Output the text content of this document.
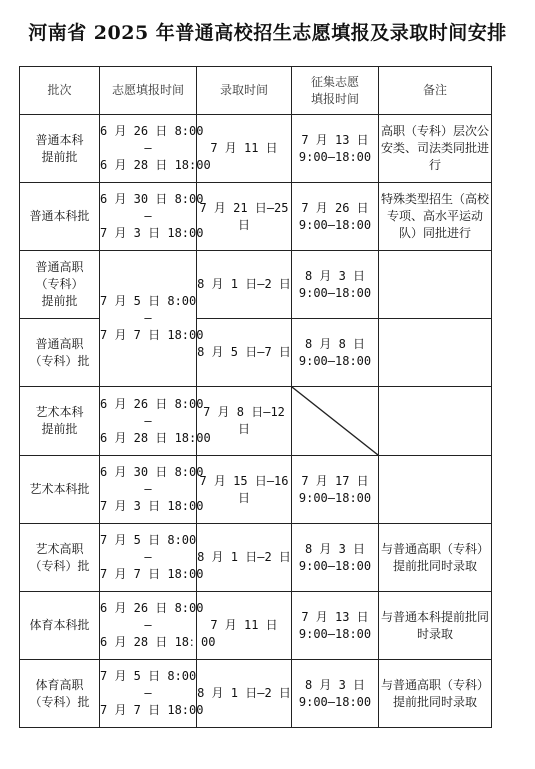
河南省 2025 年普通高校招生志愿填报及录取时间安排
批次	志愿填报时间	录取时间	征集志愿
填报时间	备注

普通本科
提前批	6 月 26 日 8:00
—
6 月 28 日 18:00	7 月 11 日	7 月 13 日
9:00—18:00	高职（专科）层次公安类、司法类同批进行

普通本科批	6 月 30 日 8:00
—
7 月 3 日 18:00	7 月 21 日–25 日	7 月 26 日
9:00—18:00	特殊类型招生（高校专项、高水平运动队）同批进行

普通高职
（专科）
提前批	7 月 5 日 8:00
—
7 月 7 日 18:00	8 月 1 日–2 日	8 月 3 日
9:00—18:00	

普通高职
（专科）批		8 月 5 日–7 日	8 月 8 日
9:00—18:00	

艺术本科
提前批	6 月 26 日 8:00
—
6 月 28 日 18:00	7 月 8 日–12 日	

艺术本科批	6 月 30 日 8:00
—
7 月 3 日 18:00	7 月 15 日–16 日	7 月 17 日
9:00—18:00	

艺术高职
（专科）批	7 月 5 日 8:00
—
7 月 7 日 18:00	8 月 1 日–2 日	8 月 3 日
9:00—18:00	与普通高职（专科）提前批同时录取

体育本科批	6 月 26 日 8:00
—
6 月 28 日 18：00	7 月 11 日	7 月 13 日
9:00—18:00	与普通本科提前批同时录取

体育高职
（专科）批	7 月 5 日 8:00
—
7 月 7 日 18:00	8 月 1 日–2 日	8 月 3 日
9:00—18:00	与普通高职（专科）提前批同时录取
